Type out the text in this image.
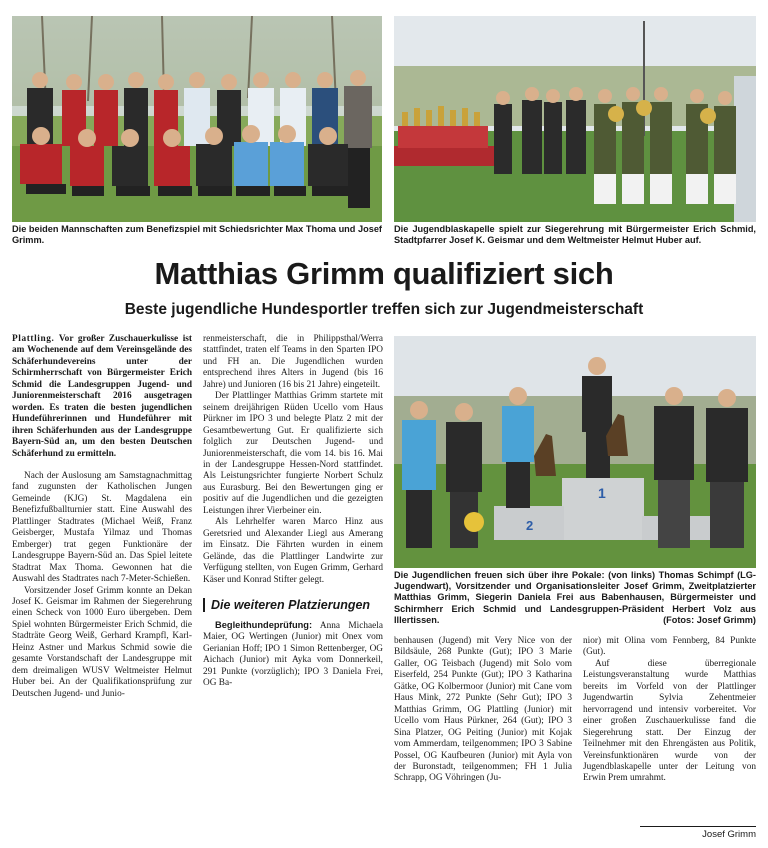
Die beiden Mannschaften zum Benefizspiel mit Schiedsrichter Max Thoma und Josef Grimm.

Die Jugendblaskapelle spielt zur Siegerehrung mit Bürgermeister Erich Schmid, Stadtpfarrer Josef K. Geismar und dem Weltmeister Helmut Huber auf.

Matthias Grimm qualifiziert sich
Beste jugendliche Hundesportler treffen sich zur Jugendmeisterschaft

Plattling. Vor großer Zuschauerkulisse ist am Wochenende auf dem Vereinsgelände des Schäferhundevereins unter der Schirmherrschaft von Bürgermeister Erich Schmid die Landesgruppen Jugend- und Juniorenmeisterschaft 2016 ausgetragen worden. Es traten die besten jugendlichen Hundeführerinnen und Hundeführer mit ihren Schäferhunden aus der Landesgruppe Bayern-Süd an, um den besten Deutschen Schäferhund zu ermitteln.

Nach der Auslosung am Samstagnachmittag fand zugunsten der Katholischen Jungen Gemeinde (KJG) St. Magdalena ein Benefizfußballturnier statt. Eine Auswahl des Plattlinger Stadtrates (Michael Weiß, Franz Geisberger, Mustafa Yilmaz und Thomas Emberger) trat gegen Funktionäre der Landesgruppe Bayern-Süd an. Das Spiel leitete Stadtrat Max Thoma. Gewonnen hat die Auswahl des Stadtrates nach 7-Meter-Schießen.

Vorsitzender Josef Grimm konnte an Dekan Josef K. Geismar im Rahmen der Siegerehrung einen Scheck von 1000 Euro übergeben. Dem Spiel wohnten Bürgermeister Erich Schmid, die Stadträte Georg Weiß, Gerhard Krampfl, Karl-Heinz Astner und Markus Schmid sowie die gesamte Vorstandschaft der Landesgruppe mit dem dreimaligen WUSV Weltmeister Helmut Huber bei. An der Qualifikationsprüfung zur Deutschen Jugend- und Junio-

renmeisterschaft, die in Philippsthal/Werra stattfindet, traten elf Teams in den Sparten IPO und FH an. Die Jugendlichen wurden entsprechend ihres Alters in Jugend (bis 16 Jahre) und Junioren (16 bis 21 Jahre) eingeteilt.

Der Plattlinger Matthias Grimm startete mit seinem dreijährigen Rüden Ucello vom Haus Pürkner im IPO 3 und belegte Platz 2 mit der Gesamtbewertung Gut. Er qualifizierte sich folglich zur Deutschen Jugend- und Juniorenmeisterschaft, die vom 14. bis 16. Mai in der Landesgruppe Hessen-Nord stattfindet. Als Leistungsrichter fungierte Norbert Schulz aus Eurasburg. Bei den Bewertungen ging er positiv auf die Jugendlichen und die gezeigten Leistungen ihrer Vierbeiner ein.

Als Lehrhelfer waren Marco Hinz aus Geretsried und Alexander Liegl aus Amerang im Einsatz. Die Fährten wurden in einem Gelände, das die Plattlinger Landwirte zur Verfügung stellten, von Eugen Grimm, Gerhard Käser und Konrad Stifter gelegt.

Die weiteren Platzierungen

Begleithundeprüfung: Anna Michaela Maier, OG Wertingen (Junior) mit Onex vom Gerianian Hoff; IPO 1 Simon Rettenberger, OG Aichach (Junior) mit Ayka vom Donnerkeil, 291 Punkte (vorzüglich); IPO 3 Daniela Frei, OG Ba-

1
2

Die Jugendlichen freuen sich über ihre Pokale: (von links) Thomas Schimpf (LG-Jugendwart), Vorsitzender und Organisationsleiter Josef Grimm, Zweitplatzierter Matthias Grimm, Siegerin Daniela Frei aus Babenhausen, Bürgermeister und Schirmherr Erich Schmid und Landesgruppen-Präsident Herbert Volz aus Illertissen.	(Fotos: Josef Grimm)

benhausen (Jugend) mit Very Nice von der Bildsäule, 268 Punkte (Gut); IPO 3 Marie Galler, OG Teisbach (Jugend) mit Solo vom Eiserfeld, 254 Punkte (Gut); IPO 3 Katharina Gätke, OG Kolbermoor (Junior) mit Cane vom Haus Mink, 272 Punkte (Sehr Gut); IPO 3 Matthias Grimm, OG Plattling (Junior) mit Ucello vom Haus Pürkner, 264 (Gut); IPO 3 Sina Platzer, OG Peiting (Junior) mit Kojak vom Ammerdam, teilgenommen; IPO 3 Sabine Possel, OG Kaufbeuren (Junior) mit Ayla von der Buronstadt, teilgenommen; FH 1 Julia Schrapp, OG Vöhringen (Ju-

nior) mit Olina vom Fennberg, 84 Punkte (Gut).

Auf diese überregionale Leistungsveranstaltung wurde Matthias bereits im Vorfeld von der Plattlinger Jugendwartin Sylvia Zehentmeier hervorragend und intensiv vorbereitet. Vor einer großen Zuschauerkulisse fand die Siegerehrung statt. Der Einzug der Teilnehmer mit den Ehrengästen aus Politik, Vereinsfunktionären wurde von der Jugendblaskapelle unter der Leitung von Erwin Prem umrahmt.

Josef Grimm
